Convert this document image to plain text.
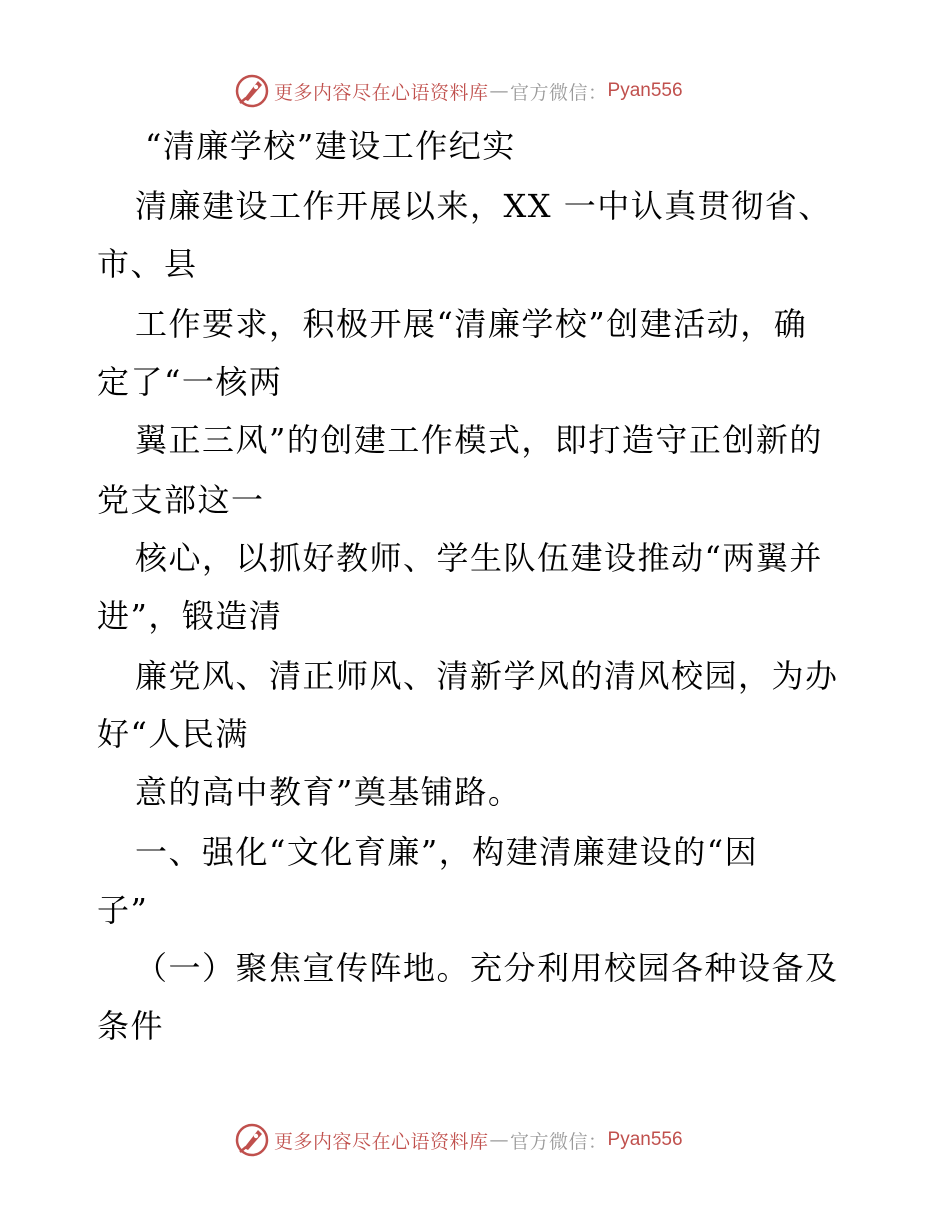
更多内容尽在心语资料库 — 官方微信： Pyan556
“清廉学校”建设工作纪实
清廉建设工作开展以来，XX 一中认真贯彻省、
市、县
工作要求，积极开展“清廉学校”创建活动，确
定了“一核两
翼正三风”的创建工作模式，即打造守正创新的
党支部这一
核心，以抓好教师、学生队伍建设推动“两翼并
进”，锻造清
廉党风、清正师风、清新学风的清风校园，为办
好“人民满
意的高中教育”奠基铺路。
一、强化“文化育廉”，构建清廉建设的“因
子”
（一）聚焦宣传阵地。充分利用校园各种设备及
条件
更多内容尽在心语资料库 — 官方微信： Pyan556
